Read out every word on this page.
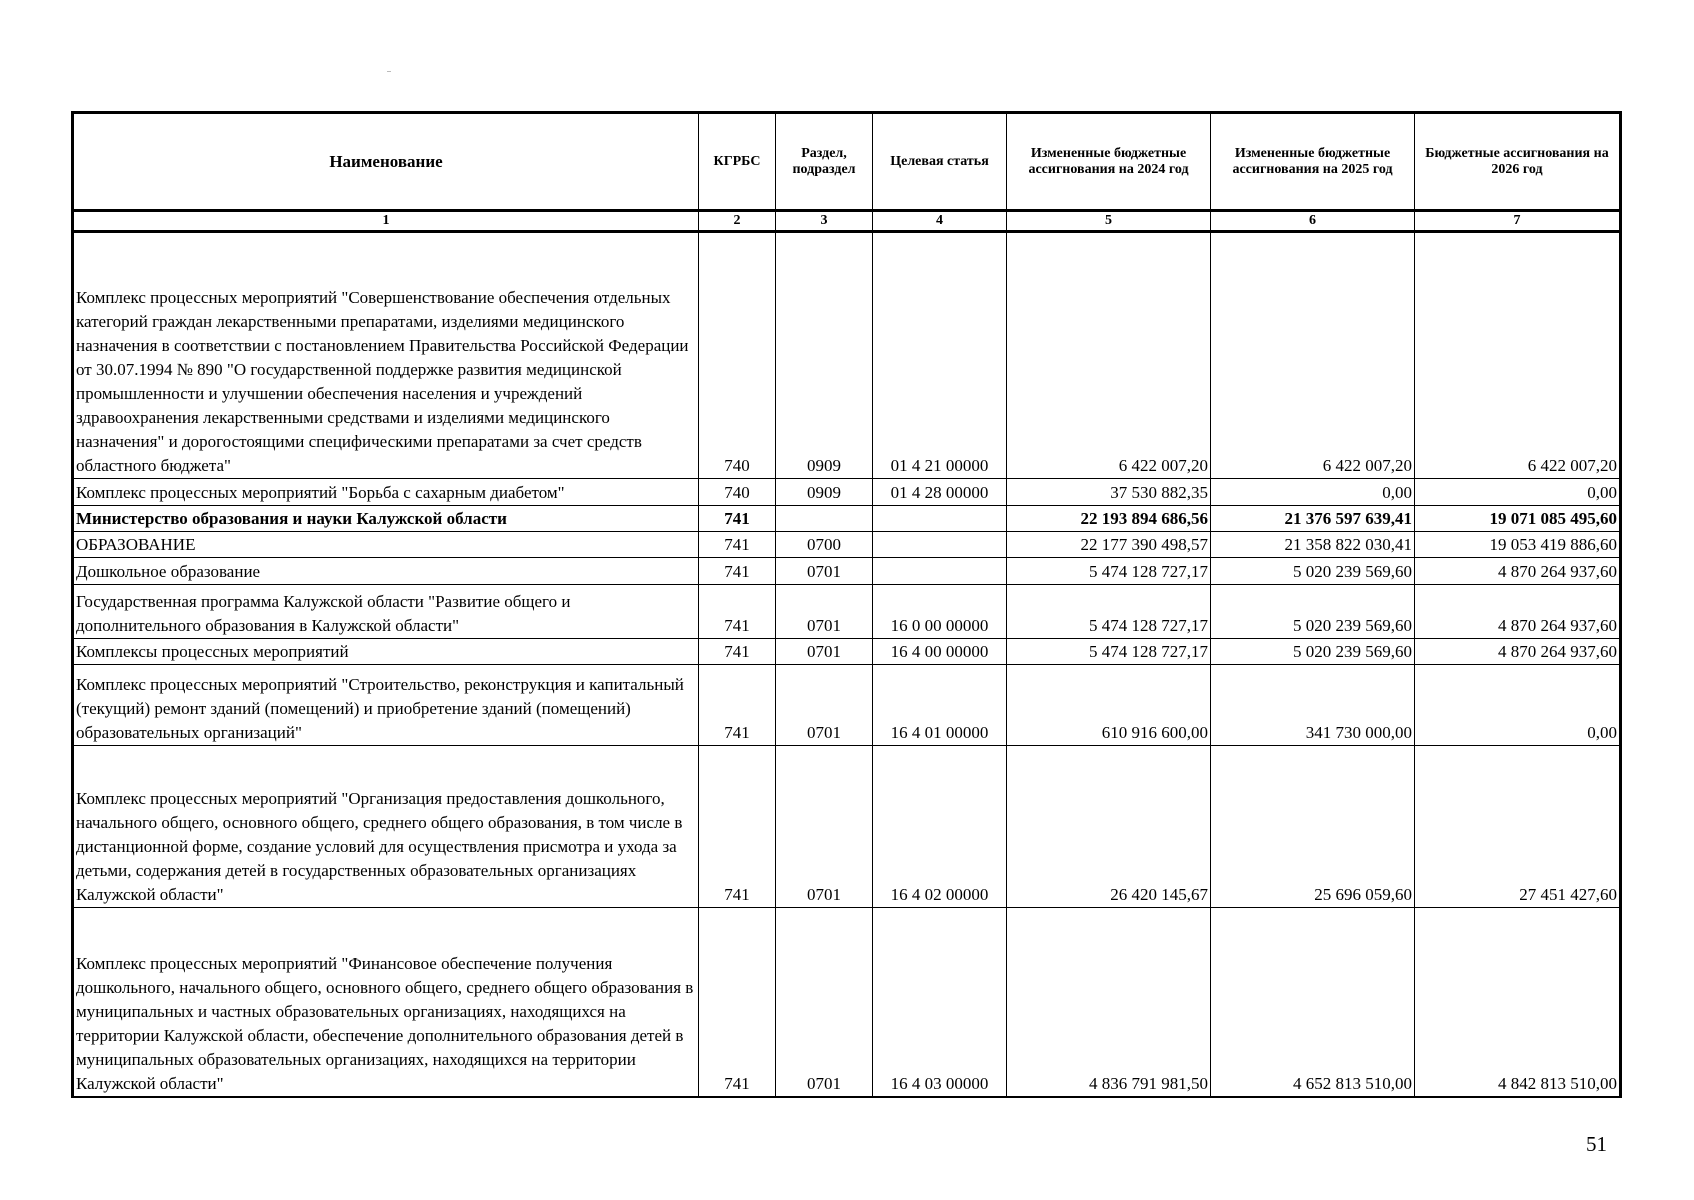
Наименование	КГРБС	Раздел, подраздел	Целевая статья	Измененные бюджетные ассигнования на 2024 год	Измененные бюджетные ассигнования на 2025 год	Бюджетные ассигнования на 2026 год
1	2	3	4	5	6	7
Комплекс процессных мероприятий "Совершенствование обеспечения отдельных категорий граждан лекарственными препаратами, изделиями медицинского назначения в соответствии с постановлением Правительства Российской Федерации от 30.07.1994 № 890 "О государственной поддержке развития медицинской промышленности и улучшении обеспечения населения и учреждений здравоохранения лекарственными средствами и изделиями медицинского назначения" и дорогостоящими специфическими препаратами за счет средств областного бюджета"	740	0909	01 4 21 00000	6 422 007,20	6 422 007,20	6 422 007,20
Комплекс процессных мероприятий "Борьба с сахарным диабетом"	740	0909	01 4 28 00000	37 530 882,35	0,00	0,00
Министерство образования и науки Калужской области	741			22 193 894 686,56	21 376 597 639,41	19 071 085 495,60
ОБРАЗОВАНИЕ	741	0700		22 177 390 498,57	21 358 822 030,41	19 053 419 886,60
Дошкольное образование	741	0701		5 474 128 727,17	5 020 239 569,60	4 870 264 937,60
Государственная программа Калужской области "Развитие общего и дополнительного образования в Калужской области"	741	0701	16 0 00 00000	5 474 128 727,17	5 020 239 569,60	4 870 264 937,60
Комплексы процессных мероприятий	741	0701	16 4 00 00000	5 474 128 727,17	5 020 239 569,60	4 870 264 937,60
Комплекс процессных мероприятий "Строительство, реконструкция и капитальный (текущий) ремонт зданий (помещений) и приобретение зданий (помещений) образовательных организаций"	741	0701	16 4 01 00000	610 916 600,00	341 730 000,00	0,00
Комплекс процессных мероприятий "Организация предоставления дошкольного, начального общего, основного общего, среднего общего образования, в том числе в дистанционной форме, создание условий для осуществления присмотра и ухода за детьми, содержания детей в государственных образовательных организациях Калужской области"	741	0701	16 4 02 00000	26 420 145,67	25 696 059,60	27 451 427,60
Комплекс процессных мероприятий "Финансовое обеспечение получения дошкольного, начального общего, основного общего, среднего общего образования в муниципальных и частных образовательных организациях, находящихся на территории Калужской области, обеспечение дополнительного образования детей в муниципальных образовательных организациях, находящихся на территории Калужской области"	741	0701	16 4 03 00000	4 836 791 981,50	4 652 813 510,00	4 842 813 510,00
51
